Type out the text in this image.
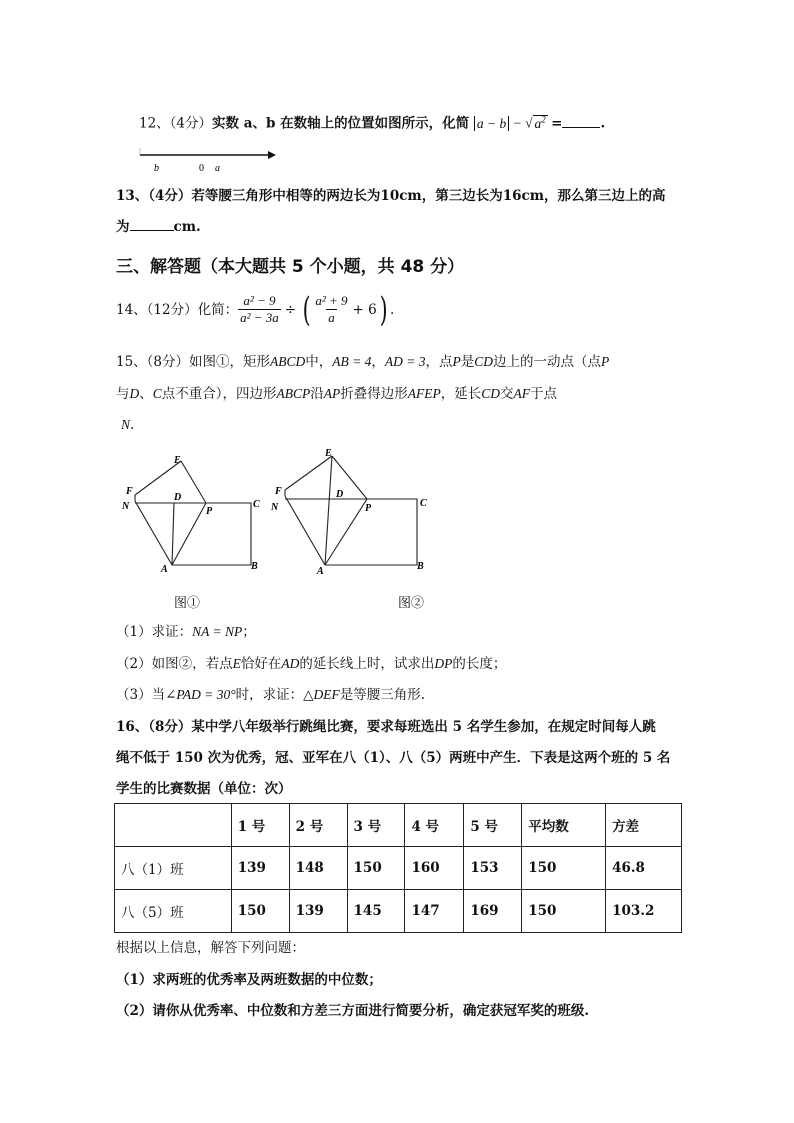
12、（4分）实数 a、b 在数轴上的位置如图所示，化简 a − b − √ $a^2$ =	.
b	0 a
13、（4分）若等腰三角形中相等的两边长为10cm，第三边长为16cm，那么第三边上的高
为	cm.
三、解答题（本大题共 5 个小题，共 48 分）
14、（12分）化简： $\frac{\text{a² − 9}}{\text{a² − 3a}}$ ÷ ( $\frac{\text{a² + 9}}{a} + 6$ ) .
15、（8分）如图①，矩形ABCD中，AB = 4，AD = 3，点P是CD边上的一动点（点P
与D、C点不重合），四边形ABCP沿AP折叠得边形AFEP，延长CD交AF于点
N.
E
F
N
D
P
C
A	B
E
F
N
D
P	C
A	B
图①	图②
（1）求证：NA = NP；
（2）如图②，若点E恰好在AD的延长线上时，试求出DP的长度；
（3）当∠PAD = 30°时，求证：△DEF是等腰三角形.
16、（8分）某中学八年级举行跳绳比赛，要求每班选出 5 名学生参加，在规定时间每人跳
绳不低于 150 次为优秀，冠、亚军在八（1）、八（5）两班中产生．下表是这两个班的 5 名
学生的比赛数据（单位：次）
	1 号	2 号	3 号	4 号	5 号	平均数	方差
八（1）班	139	148	150	160	153	150	46.8
八（5）班	150	139	145	147	169	150	103.2
根据以上信息，解答下列问题：
（1）求两班的优秀率及两班数据的中位数；
（2）请你从优秀率、中位数和方差三方面进行简要分析，确定获冠军奖的班级.
